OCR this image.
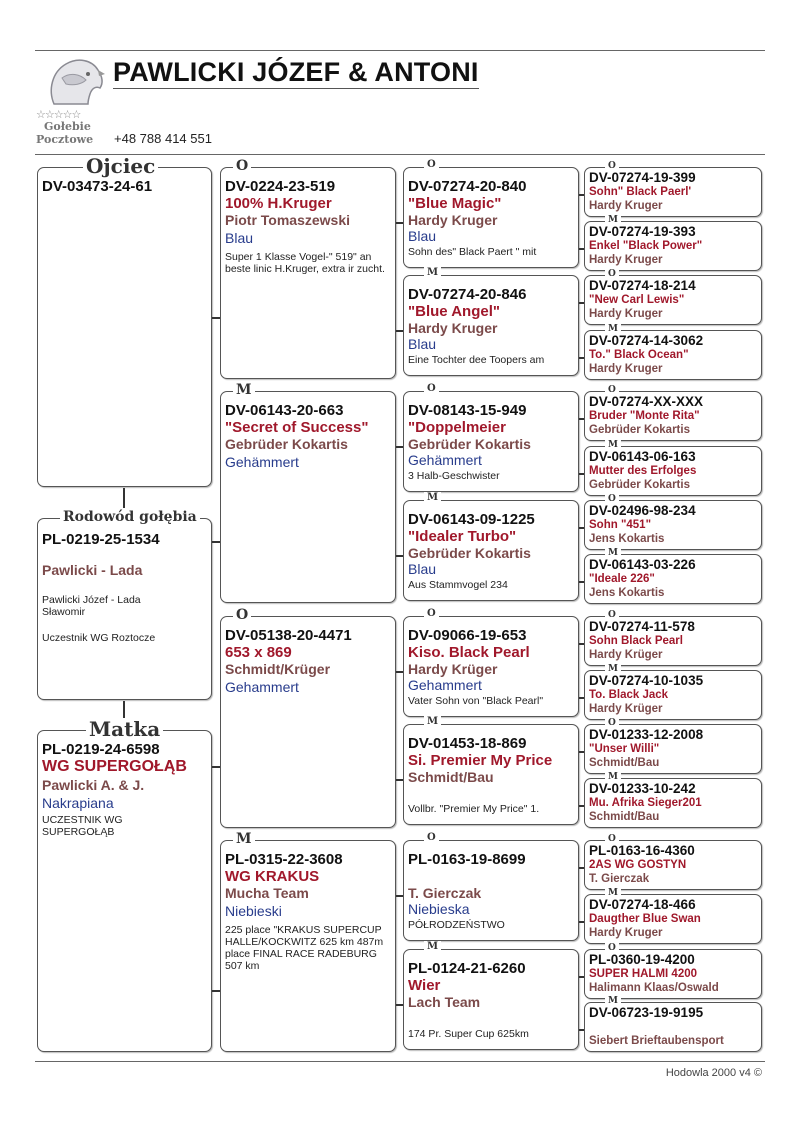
☆☆☆☆☆
Gołebie
Pocztowe
PAWLICKI JÓZEF & ANTONI
+48 788 414 551
Ojciec
DV-03473-24-61
Rodowód gołębia
PL-0219-25-1534
Pawlicki - Lada
Pawlicki Józef - Lada Sławomir
Uczestnik WG Roztocze
Matka
PL-0219-24-6598
WG SUPERGOŁĄB
Pawlicki A. & J.
Nakrapiana
UCZESTNIK WG SUPERGOŁĄB
O
DV-0224-23-519
100% H.Kruger
Piotr Tomaszewski
Blau
Super 1 Klasse Vogel-" 519" an beste linic H.Kruger, extra ir zucht.
M
DV-06143-20-663
"Secret of Success"
Gebrüder Kokartis
Gehämmert
O
DV-05138-20-4471
653 x 869
Schmidt/Krüger
Gehammert
M
PL-0315-22-3608
WG KRAKUS
Mucha Team
Niebieski
225 place "KRAKUS SUPERCUP HALLE/KOCKWITZ 625 km 487m place FINAL RACE RADEBURG 507 km
O
DV-07274-20-840
"Blue Magic"
Hardy Kruger
Blau
Sohn des" Black Paert " mit
M
DV-07274-20-846
"Blue Angel"
Hardy Kruger
Blau
Eine Tochter dee Toopers am
O
DV-08143-15-949
"Doppelmeier
Gebrüder Kokartis
Gehämmert
3 Halb-Geschwister
M
DV-06143-09-1225
"Idealer Turbo"
Gebrüder Kokartis
Blau
Aus Stammvogel 234
O
DV-09066-19-653
Kiso. Black Pearl
Hardy Krüger
Gehammert
Vater Sohn von "Black Pearl"
M
DV-01453-18-869
Si. Premier My Price
Schmidt/Bau
Vollbr. "Premier My Price" 1.
O
PL-0163-19-8699
T. Gierczak
Niebieska
PÓŁRODZEŃSTWO
M
PL-0124-21-6260
Wier
Lach Team
174 Pr. Super Cup 625km
O
DV-07274-19-399
Sohn" Black Paerl'
Hardy Kruger
M
DV-07274-19-393
Enkel "Black Power"
Hardy Kruger
O
DV-07274-18-214
"New Carl Lewis"
Hardy Kruger
M
DV-07274-14-3062
To." Black Ocean"
Hardy Kruger
O
DV-07274-XX-XXX
Bruder "Monte Rita"
Gebrüder Kokartis
M
DV-06143-06-163
Mutter des Erfolges
Gebrüder Kokartis
O
DV-02496-98-234
Sohn "451"
Jens Kokartis
M
DV-06143-03-226
"Ideale 226"
Jens Kokartis
O
DV-07274-11-578
Sohn Black Pearl
Hardy Krüger
M
DV-07274-10-1035
To. Black Jack
Hardy Krüger
O
DV-01233-12-2008
"Unser Willi"
Schmidt/Bau
M
DV-01233-10-242
Mu. Afrika Sieger201
Schmidt/Bau
O
PL-0163-16-4360
2AS WG GOSTYN
T. Gierczak
M
DV-07274-18-466
Daugther Blue Swan
Hardy Kruger
O
PL-0360-19-4200
SUPER HALMI 4200
Halimann Klaas/Oswald
M
DV-06723-19-9195
Siebert Brieftaubensport
Hodowla 2000 v4 ©
